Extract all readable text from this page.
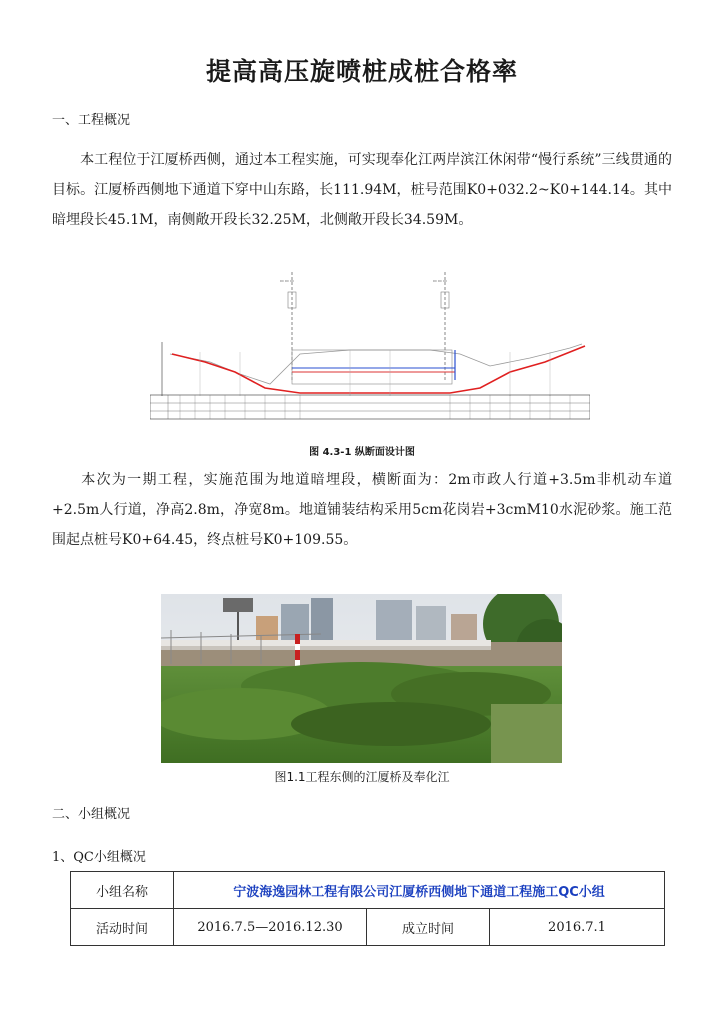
提高高压旋喷桩成桩合格率
一、工程概况
本工程位于江厦桥西侧，通过本工程实施，可实现奉化江两岸滨江休闲带“慢行系统”三线贯通的目标。江厦桥西侧地下通道下穿中山东路，长111.94M，桩号范围K0+032.2~K0+144.14。其中暗埋段长45.1M，南侧敞开段长32.25M，北侧敞开段长34.59M。
▭ ▭ ▭	▭ ▭ ▭
图 4.3-1 纵断面设计图
本次为一期工程，实施范围为地道暗埋段，横断面为：2m市政人行道+3.5m非机动车道+2.5m人行道，净高2.8m，净宽8m。地道铺装结构采用5cm花岗岩+3cmM10水泥砂浆。施工范围起点桩号K0+64.45，终点桩号K0+109.55。
图1.1工程东侧的江厦桥及奉化江
二、小组概况
1、QC小组概况
小组名称	宁波海逸园林工程有限公司江厦桥西侧地下通道工程施工QC小组		
活动时间	2016.7.5—2016.12.30	成立时间	2016.7.1
